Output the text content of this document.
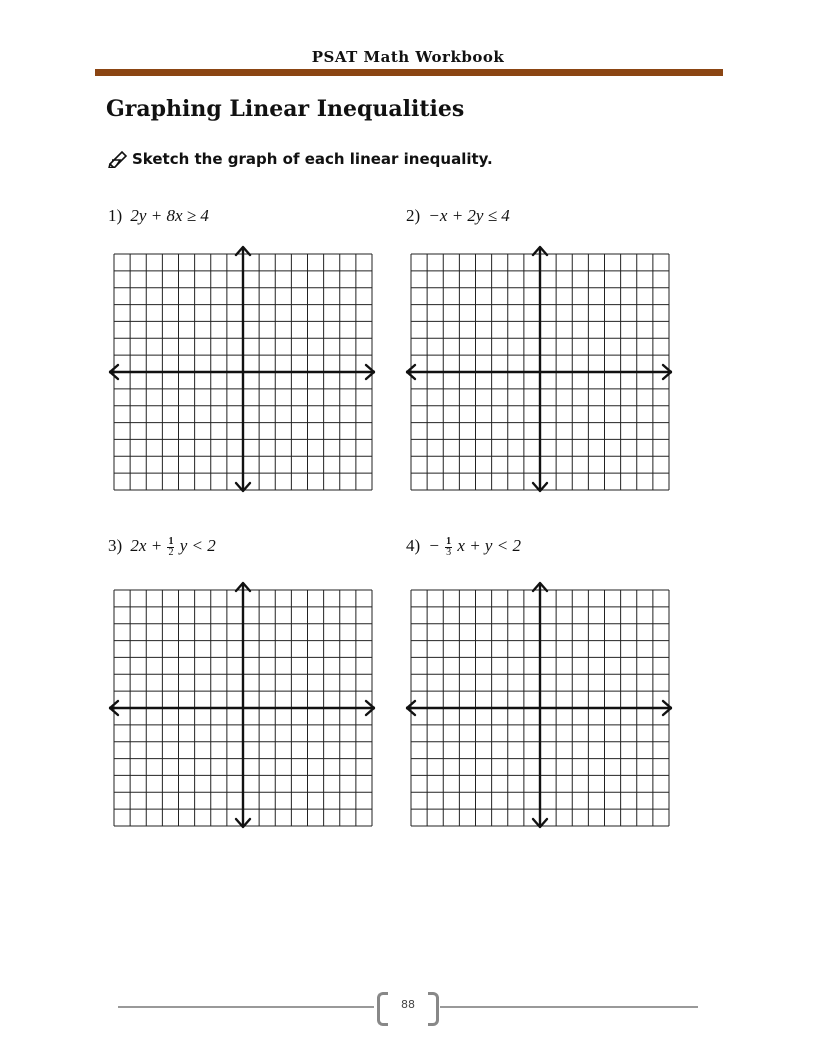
PSAT Math Workbook
Graphing Linear Inequalities
Sketch the graph of each linear inequality.
1) 2y + 8x ≥ 4	2) −x + 2y ≤ 4
3) $2x + \frac{1}{2}$ y < 2	$4) - \frac{1}{3}$ x + y < 2
88
